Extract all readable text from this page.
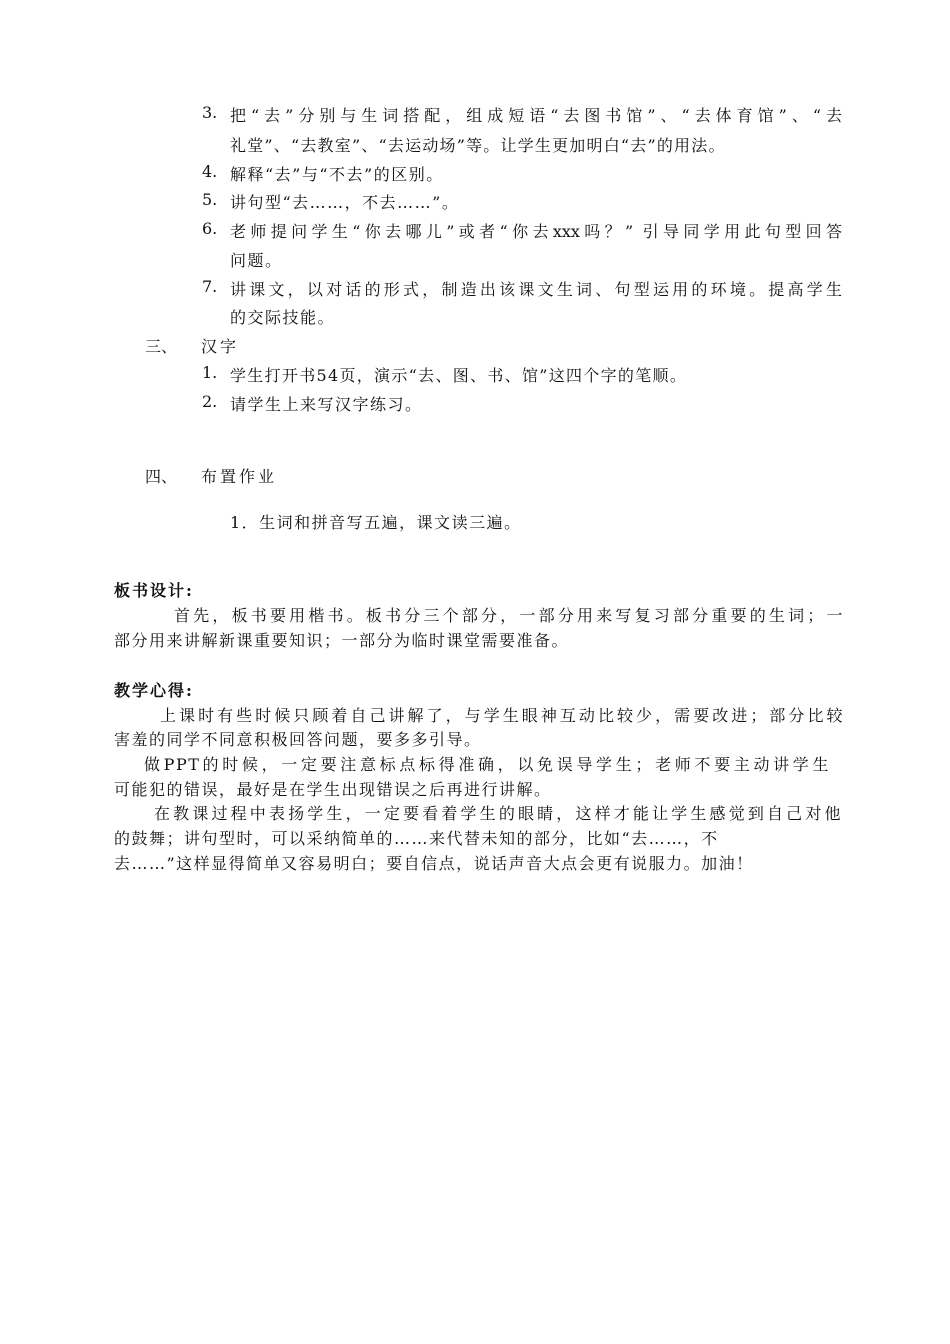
3. 把“去”分别与生词搭配，组成短语“去图书馆”、“去体育馆”、“去
礼堂”、“去教室”、“去运动场”等。让学生更加明白“去”的用法。
4. 解释“去”与“不去”的区别。
5. 讲句型“去……，不去……”。
6. 老师提问学生“你去哪儿”或者“你去xxx吗？” 引导同学用此句型回答
问题。
7. 讲课文，以对话的形式，制造出该课文生词、句型运用的环境。提高学生
的交际技能。
三、 汉字
1. 学生打开书54页，演示“去、图、书、馆”这四个字的笔顺。
2. 请学生上来写汉字练习。
四、 布置作业
1．生词和拼音写五遍，课文读三遍。
板书设计:
首先，板书要用楷书。板书分三个部分，一部分用来写复习部分重要的生词；一
部分用来讲解新课重要知识；一部分为临时课堂需要准备。
教学心得:
上课时有些时候只顾着自己讲解了，与学生眼神互动比较少，需要改进；部分比较
害羞的同学不同意积极回答问题，要多多引导。
做PPT的时候，一定要注意标点标得准确，以免误导学生；老师不要主动讲学生
可能犯的错误，最好是在学生出现错误之后再进行讲解。
在教课过程中表扬学生，一定要看着学生的眼睛，这样才能让学生感觉到自己对他
的鼓舞；讲句型时，可以采纳简单的……来代替未知的部分，比如“去……，不
去……”这样显得简单又容易明白；要自信点，说话声音大点会更有说服力。加油！
